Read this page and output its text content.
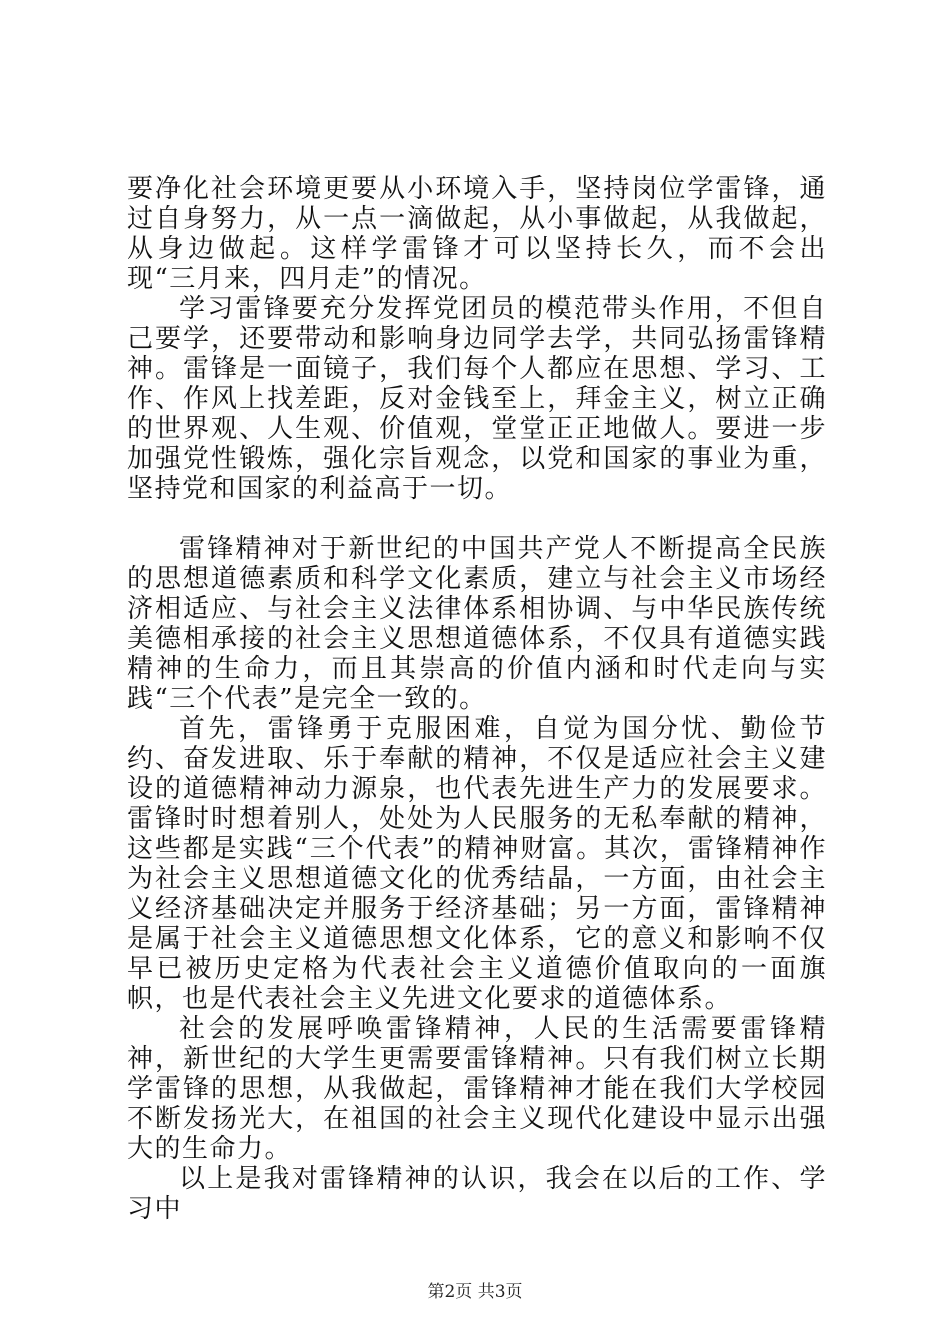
要净化社会环境更要从小环境入手，坚持岗位学雷锋，通过自身努力，从一点一滴做起，从小事做起，从我做起，从身边做起。这样学雷锋才可以坚持长久，而不会出现“三月来，四月走”的情况。

学习雷锋要充分发挥党团员的模范带头作用，不但自己要学，还要带动和影响身边同学去学，共同弘扬雷锋精神。雷锋是一面镜子，我们每个人都应在思想、学习、工作、作风上找差距，反对金钱至上，拜金主义，树立正确的世界观、人生观、价值观，堂堂正正地做人。要进一步加强党性锻炼，强化宗旨观念，以党和国家的事业为重，坚持党和国家的利益高于一切。

雷锋精神对于新世纪的中国共产党人不断提高全民族的思想道德素质和科学文化素质，建立与社会主义市场经济相适应、与社会主义法律体系相协调、与中华民族传统美德相承接的社会主义思想道德体系，不仅具有道德实践精神的生命力，而且其崇高的价值内涵和时代走向与实践“三个代表”是完全一致的。

首先，雷锋勇于克服困难，自觉为国分忧、勤俭节约、奋发进取、乐于奉献的精神，不仅是适应社会主义建设的道德精神动力源泉，也代表先进生产力的发展要求。雷锋时时想着别人，处处为人民服务的无私奉献的精神，这些都是实践“三个代表”的精神财富。其次，雷锋精神作为社会主义思想道德文化的优秀结晶，一方面，由社会主义经济基础决定并服务于经济基础；另一方面，雷锋精神是属于社会主义道德思想文化体系，它的意义和影响不仅早已被历史定格为代表社会主义道德价值取向的一面旗帜，也是代表社会主义先进文化要求的道德体系。

社会的发展呼唤雷锋精神，人民的生活需要雷锋精神，新世纪的大学生更需要雷锋精神。只有我们树立长期学雷锋的思想，从我做起，雷锋精神才能在我们大学校园不断发扬光大，在祖国的社会主义现代化建设中显示出强大的生命力。

以上是我对雷锋精神的认识，我会在以后的工作、学习中

第2页 共3页
